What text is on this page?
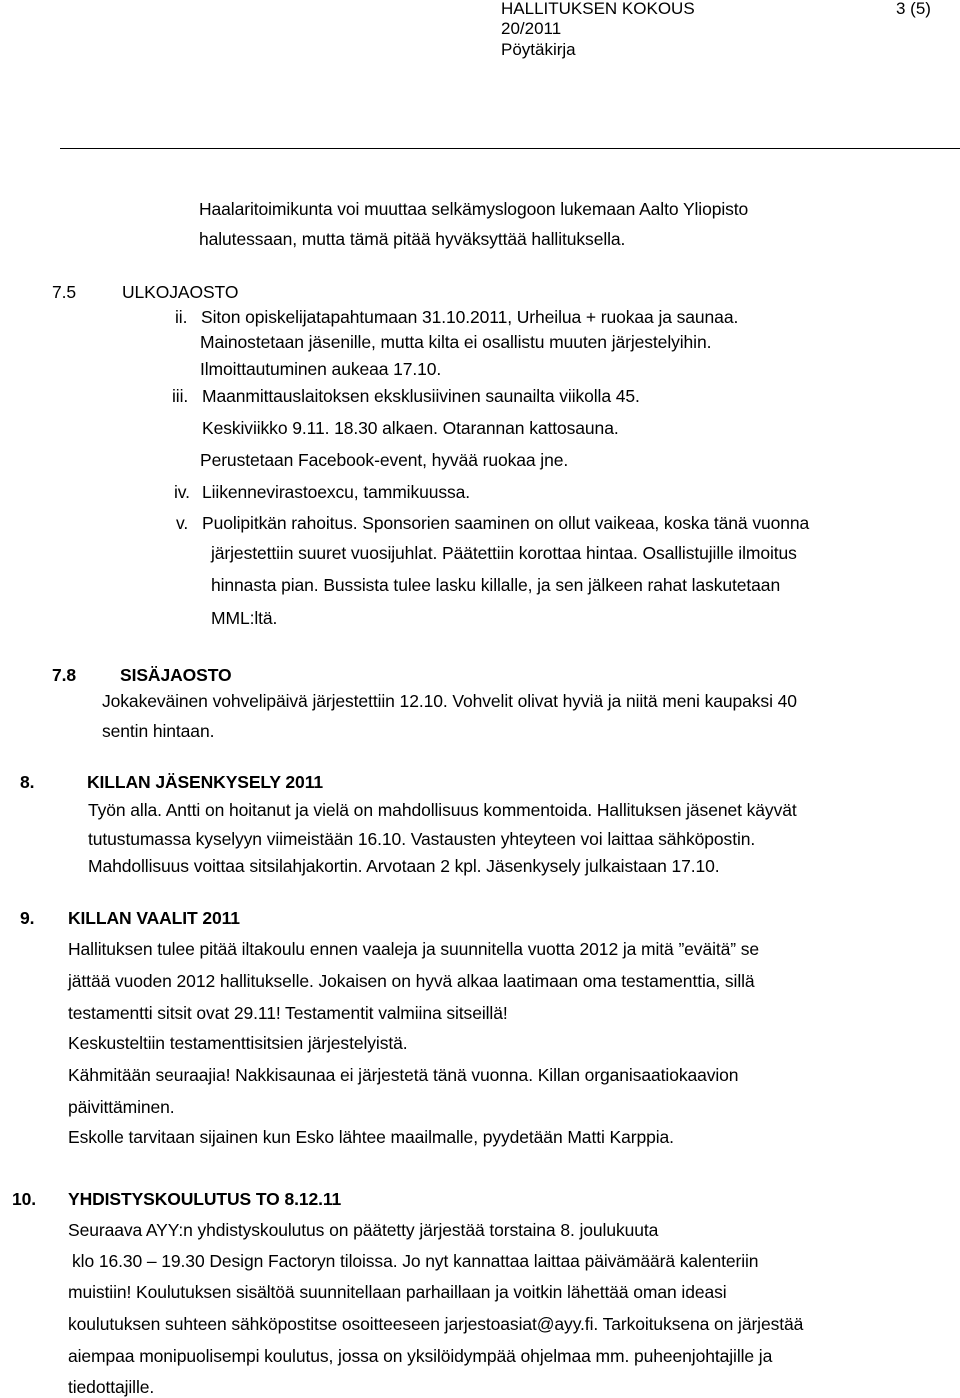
HALLITUKSEN KOKOUS	3 (5)
20/2011
Pöytäkirja
Haalaritoimikunta voi muuttaa selkämyslogoon lukemaan Aalto Yliopisto
halutessaan, mutta tämä pitää hyväksyttää hallituksella.
7.5	ULKOJAOSTO
ii. Siton opiskelijatapahtumaan 31.10.2011, Urheilua + ruokaa ja saunaa.
Mainostetaan jäsenille, mutta kilta ei osallistu muuten järjestelyihin.
Ilmoittautuminen aukeaa 17.10.
iii. Maanmittauslaitoksen eksklusiivinen saunailta viikolla 45.
Keskiviikko 9.11. 18.30 alkaen. Otarannan kattosauna.
Perustetaan Facebook-event, hyvää ruokaa jne.
iv. Liikennevirastoexcu, tammikuussa.
v. Puolipitkän rahoitus. Sponsorien saaminen on ollut vaikeaa, koska tänä vuonna
järjestettiin suuret vuosijuhlat. Päätettiin korottaa hintaa. Osallistujille ilmoitus
hinnasta pian. Bussista tulee lasku killalle, ja sen jälkeen rahat laskutetaan
MML:ltä.
7.8	SISÄJAOSTO
Jokakeväinen vohvelipäivä järjestettiin 12.10. Vohvelit olivat hyviä ja niitä meni kaupaksi 40
sentin hintaan.
8.	KILLAN JÄSENKYSELY 2011
Työn alla. Antti on hoitanut ja vielä on mahdollisuus kommentoida. Hallituksen jäsenet käyvät
tutustumassa kyselyyn viimeistään 16.10. Vastausten yhteyteen voi laittaa sähköpostin.
Mahdollisuus voittaa sitsilahjakortin. Arvotaan 2 kpl. Jäsenkysely julkaistaan 17.10.
9. KILLAN VAALIT 2011
Hallituksen tulee pitää iltakoulu ennen vaaleja ja suunnitella vuotta 2012 ja mitä ”eväitä” se
jättää vuoden 2012 hallitukselle. Jokaisen on hyvä alkaa laatimaan oma testamenttia, sillä
testamentti sitsit ovat 29.11! Testamentit valmiina sitseillä!
Keskusteltiin testamenttisitsien järjestelyistä.
Kähmitään seuraajia! Nakkisaunaa ei järjestetä tänä vuonna. Killan organisaatiokaavion
päivittäminen.
Eskolle tarvitaan sijainen kun Esko lähtee maailmalle, pyydetään Matti Karppia.
10. YHDISTYSKOULUTUS TO 8.12.11
Seuraava AYY:n yhdistyskoulutus on päätetty järjestää torstaina 8. joulukuuta
klo 16.30 – 19.30 Design Factoryn tiloissa. Jo nyt kannattaa laittaa päivämäärä kalenteriin
muistiin! Koulutuksen sisältöä suunnitellaan parhaillaan ja voitkin lähettää oman ideasi
koulutuksen suhteen sähköpostitse osoitteeseen jarjestoasiat@ayy.fi. Tarkoituksena on järjestää
aiempaa monipuolisempi koulutus, jossa on yksilöidympää ohjelmaa mm. puheenjohtajille ja
tiedottajille.
